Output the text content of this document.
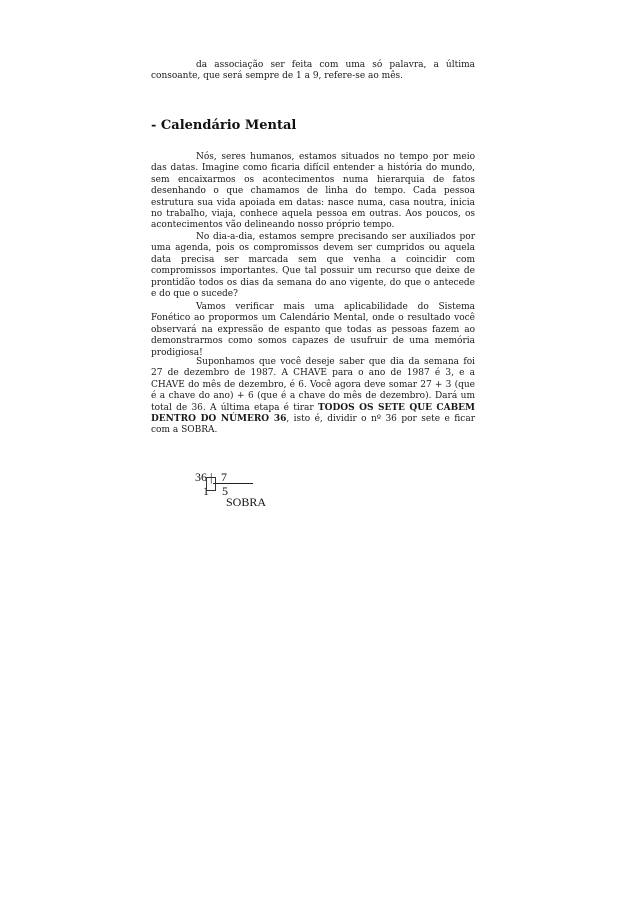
da associação ser feita com uma só palavra, a última consoante, que será sempre de 1 a 9, refere-se ao mês.

- Calendário Mental

Nós, seres humanos, estamos situados no tempo por meio das datas. Imagine como ficaria difícil entender a história do mundo, sem encaixarmos os acontecimentos numa hierarquia de fatos desenhando o que chamamos de linha do tempo. Cada pessoa estrutura sua vida apoiada em datas: nasce numa, casa noutra, inicia no trabalho, viaja, conhece aquela pessoa em outras. Aos poucos, os acontecimentos vão delineando nosso próprio tempo.

No dia-a-dia, estamos sempre precisando ser auxiliados por uma agenda, pois os compromissos devem ser cumpridos ou aquela data precisa ser marcada sem que venha a coincidir com compromissos importantes. Que tal possuir um recurso que deixe de prontidão todos os dias da semana do ano vigente, do que o antecede e do que o sucede?

Vamos verificar mais uma aplicabilidade do Sistema Fonético ao propormos um Calendário Mental, onde o resultado você observará na expressão de espanto que todas as pessoas fazem ao demonstrarmos como somos capazes de usufruir de uma memória prodigiosa!

Suponhamos que você deseje saber que dia da semana foi 27 de dezembro de 1987. A CHAVE para o ano de 1987 é 3, e a CHAVE do mês de dezembro, é 6. Você agora deve somar 27 + 3 (que é a chave do ano) + 6 (que é a chave do mês de dezembro). Dará um total de 36. A última etapa é tirar TODOS OS SETE QUE CABEM DENTRO DO NÚMERO 36, isto é, dividir o nº 36 por sete e ficar com a SOBRA.

36 | 7
1 5
SOBRA
